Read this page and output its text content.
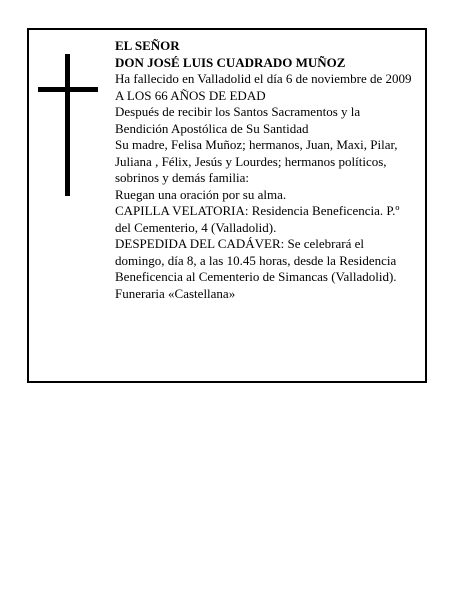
EL SEÑOR

DON JOSÉ LUIS CUADRADO MUÑOZ

Ha fallecido en Valladolid el día 6 de noviembre de 2009

A LOS 66 AÑOS DE EDAD

Después de recibir los Santos Sacramentos y la Bendición Apostólica de Su Santidad

Su madre, Felisa Muñoz; hermanos, Juan, Maxi, Pilar, Juliana , Félix, Jesús y Lourdes; hermanos políticos, sobrinos y demás familia:

Ruegan una oración por su alma.

CAPILLA VELATORIA: Residencia Beneficencia. P.º del Cementerio, 4 (Valladolid).

DESPEDIDA DEL CADÁVER: Se celebrará el domingo, día 8, a las 10.45 horas, desde la Residencia Beneficencia al Cementerio de Simancas (Valladolid).

Funeraria «Castellana»
